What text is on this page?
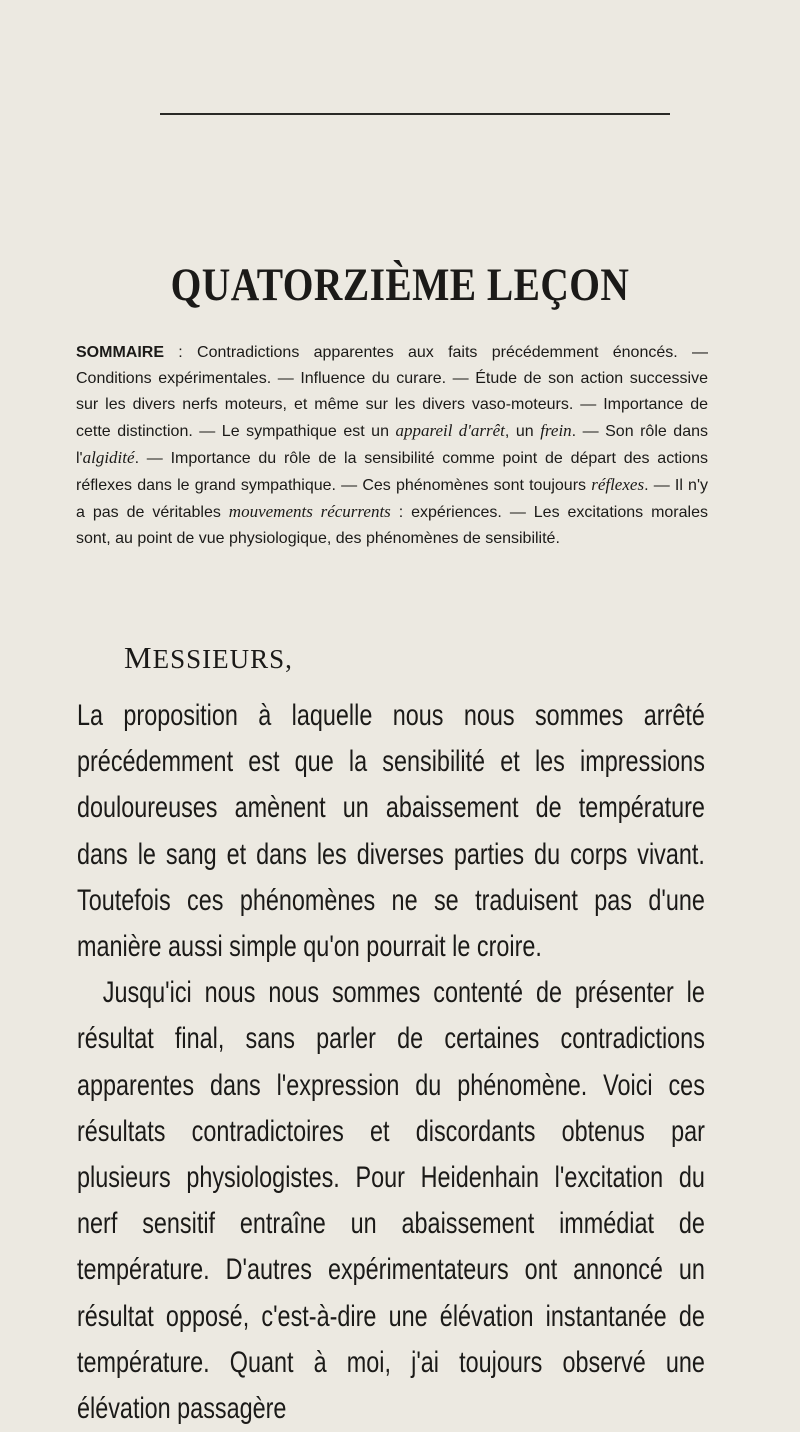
QUATORZIÈME LEÇON
SOMMAIRE : Contradictions apparentes aux faits précédemment énoncés. — Conditions expérimentales. — Influence du curare. — Étude de son action successive sur les divers nerfs moteurs, et même sur les divers vaso-moteurs. — Importance de cette distinction. — Le sympathique est un appareil d'arrêt, un frein. — Son rôle dans l'algidité. — Importance du rôle de la sensibilité comme point de départ des actions réflexes dans le grand sympathique. — Ces phénomènes sont toujours réflexes. — Il n'y a pas de véritables mouvements récurrents : expériences. — Les excitations morales sont, au point de vue physiologique, des phénomènes de sensibilité.
MESSIEURS,

La proposition à laquelle nous nous sommes arrêté précédemment est que la sensibilité et les impressions douloureuses amènent un abaissement de température dans le sang et dans les diverses parties du corps vivant. Toutefois ces phénomènes ne se traduisent pas d'une manière aussi simple qu'on pourrait le croire.

Jusqu'ici nous nous sommes contenté de présenter le résultat final, sans parler de certaines contradictions apparentes dans l'expression du phénomène. Voici ces résultats contradictoires et discordants obtenus par plusieurs physiologistes. Pour Heidenhain l'excitation du nerf sensitif entraîne un abaissement immédiat de température. D'autres expérimentateurs ont annoncé un résultat opposé, c'est-à-dire une élévation instantanée de température. Quant à moi, j'ai toujours observé une élévation passagère
